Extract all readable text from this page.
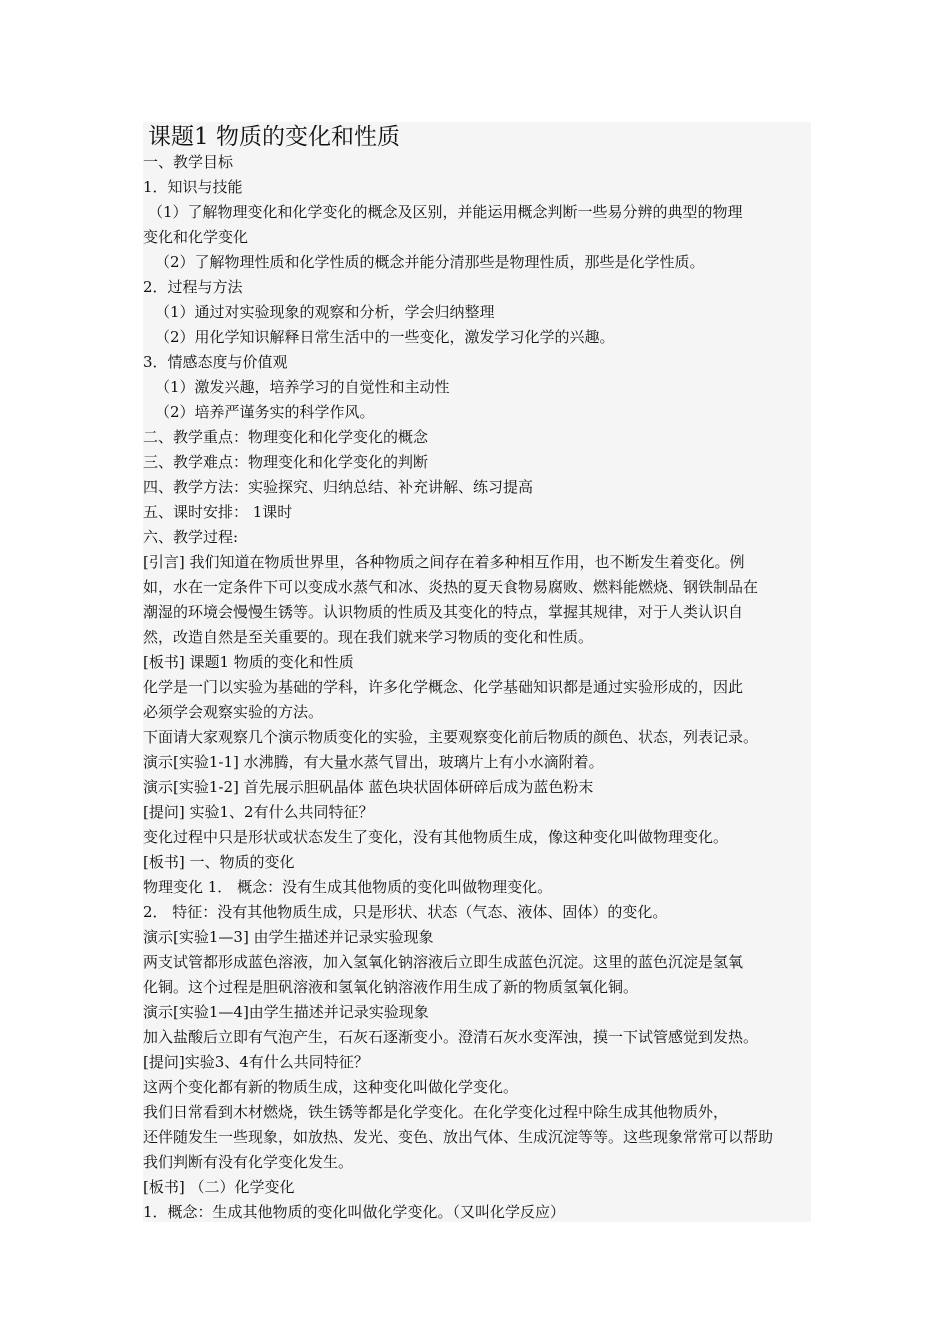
课题1 物质的变化和性质
一、教学目标
1．知识与技能
（1）了解物理变化和化学变化的概念及区别，并能运用概念判断一些易分辨的典型的物理
变化和化学变化
（2）了解物理性质和化学性质的概念并能分清那些是物理性质，那些是化学性质。
2．过程与方法
（1）通过对实验现象的观察和分析，学会归纳整理
（2）用化学知识解释日常生活中的一些变化，激发学习化学的兴趣。
3．情感态度与价值观
（1）激发兴趣，培养学习的自觉性和主动性
（2）培养严谨务实的科学作风。
二、教学重点：物理变化和化学变化的概念
三、教学难点：物理变化和化学变化的判断
四、教学方法：实验探究、归纳总结、补充讲解、练习提高
五、课时安排： 1课时
六、教学过程:
[引言] 我们知道在物质世界里，各种物质之间存在着多种相互作用，也不断发生着变化。例
如，水在一定条件下可以变成水蒸气和冰、炎热的夏天食物易腐败、燃料能燃烧、钢铁制品在
潮湿的环境会慢慢生锈等。认识物质的性质及其变化的特点，掌握其规律，对于人类认识自
然，改造自然是至关重要的。现在我们就来学习物质的变化和性质。
[板书] 课题1 物质的变化和性质
化学是一门以实验为基础的学科，许多化学概念、化学基础知识都是通过实验形成的，因此
必须学会观察实验的方法。
下面请大家观察几个演示物质变化的实验，主要观察变化前后物质的颜色、状态，列表记录。
演示[实验1-1] 水沸腾，有大量水蒸气冒出，玻璃片上有小水滴附着。
演示[实验1-2] 首先展示胆矾晶体 蓝色块状固体研碎后成为蓝色粉末
[提问] 实验1、2有什么共同特征？
变化过程中只是形状或状态发生了变化，没有其他物质生成，像这种变化叫做物理变化。
[板书] 一、物质的变化
物理变化 1． 概念：没有生成其他物质的变化叫做物理变化。
2． 特征：没有其他物质生成，只是形状、状态（气态、液体、固体）的变化。
演示[实验1—3] 由学生描述并记录实验现象
两支试管都形成蓝色溶液，加入氢氧化钠溶液后立即生成蓝色沉淀。这里的蓝色沉淀是氢氧
化铜。这个过程是胆矾溶液和氢氧化钠溶液作用生成了新的物质氢氧化铜。
演示[实验1—4]由学生描述并记录实验现象
加入盐酸后立即有气泡产生，石灰石逐渐变小。澄清石灰水变浑浊，摸一下试管感觉到发热。
[提问]实验3、4有什么共同特征？
这两个变化都有新的物质生成，这种变化叫做化学变化。
我们日常看到木材燃烧，铁生锈等都是化学变化。在化学变化过程中除生成其他物质外，
还伴随发生一些现象，如放热、发光、变色、放出气体、生成沉淀等等。这些现象常常可以帮助
我们判断有没有化学变化发生。
[板书] （二）化学变化
1．概念：生成其他物质的变化叫做化学变化。（又叫化学反应）
